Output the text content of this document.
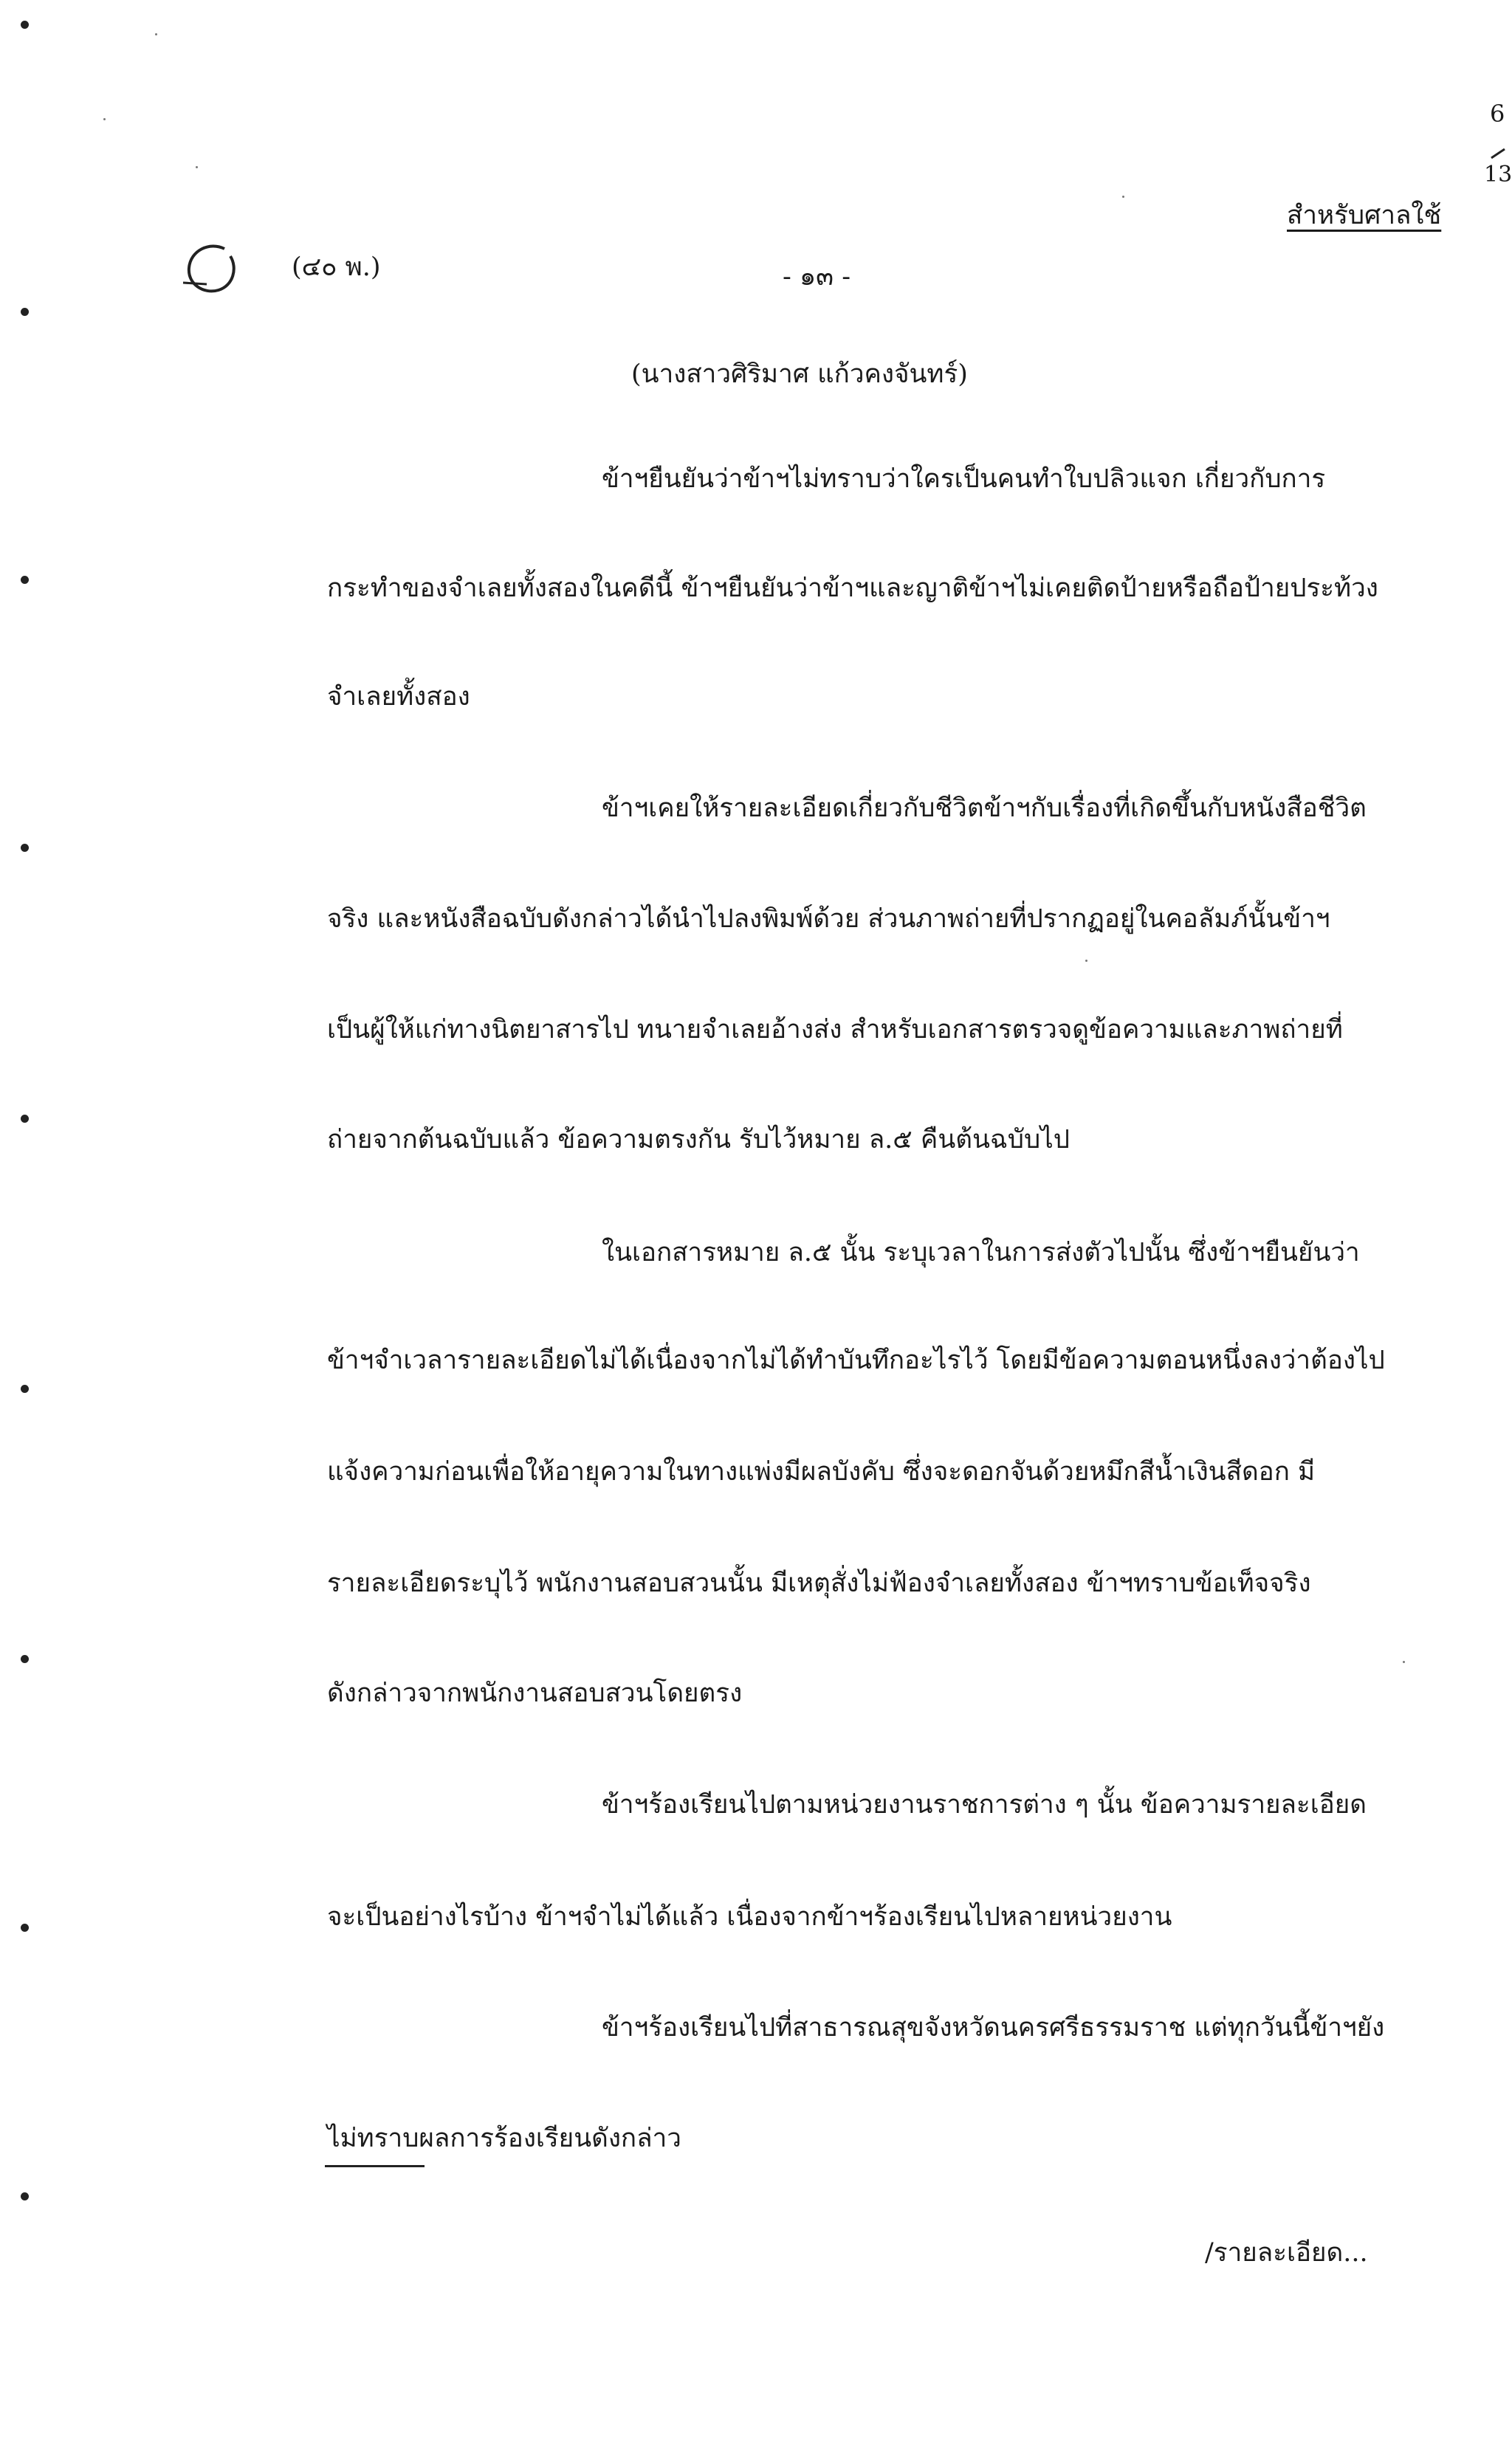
6
13
สำหรับศาลใช้
(๔๐ พ.)	- ๑๓ -
(นางสาวศิริมาศ แก้วคงจันทร์)
ข้าฯยืนยันว่าข้าฯไม่ทราบว่าใครเป็นคนทำใบปลิวแจก เกี่ยวกับการ
กระทำของจำเลยทั้งสองในคดีนี้ ข้าฯยืนยันว่าข้าฯและญาติข้าฯไม่เคยติดป้ายหรือถือป้ายประท้วง
จำเลยทั้งสอง
ข้าฯเคยให้รายละเอียดเกี่ยวกับชีวิตข้าฯกับเรื่องที่เกิดขึ้นกับหนังสือชีวิต
จริง และหนังสือฉบับดังกล่าวได้นำไปลงพิมพ์ด้วย ส่วนภาพถ่ายที่ปรากฏอยู่ในคอลัมภ์นั้นข้าฯ
เป็นผู้ให้แก่ทางนิตยาสารไป ทนายจำเลยอ้างส่ง สำหรับเอกสารตรวจดูข้อความและภาพถ่ายที่
ถ่ายจากต้นฉบับแล้ว ข้อความตรงกัน รับไว้หมาย ล.๕ คืนต้นฉบับไป
ในเอกสารหมาย ล.๕ นั้น ระบุเวลาในการส่งตัวไปนั้น ซึ่งข้าฯยืนยันว่า
ข้าฯจำเวลารายละเอียดไม่ได้เนื่องจากไม่ได้ทำบันทึกอะไรไว้ โดยมีข้อความตอนหนึ่งลงว่าต้องไป
แจ้งความก่อนเพื่อให้อายุความในทางแพ่งมีผลบังคับ ซึ่งจะดอกจันด้วยหมึกสีน้ำเงินสีดอก มี
รายละเอียดระบุไว้ พนักงานสอบสวนนั้น มีเหตุสั่งไม่ฟ้องจำเลยทั้งสอง ข้าฯทราบข้อเท็จจริง
ดังกล่าวจากพนักงานสอบสวนโดยตรง
ข้าฯร้องเรียนไปตามหน่วยงานราชการต่าง ๆ นั้น ข้อความรายละเอียด
จะเป็นอย่างไรบ้าง ข้าฯจำไม่ได้แล้ว เนื่องจากข้าฯร้องเรียนไปหลายหน่วยงาน
ข้าฯร้องเรียนไปที่สาธารณสุขจังหวัดนครศรีธรรมราช แต่ทุกวันนี้ข้าฯยัง
ไม่ทราบผลการร้องเรียนดังกล่าว
/รายละเอียด...
